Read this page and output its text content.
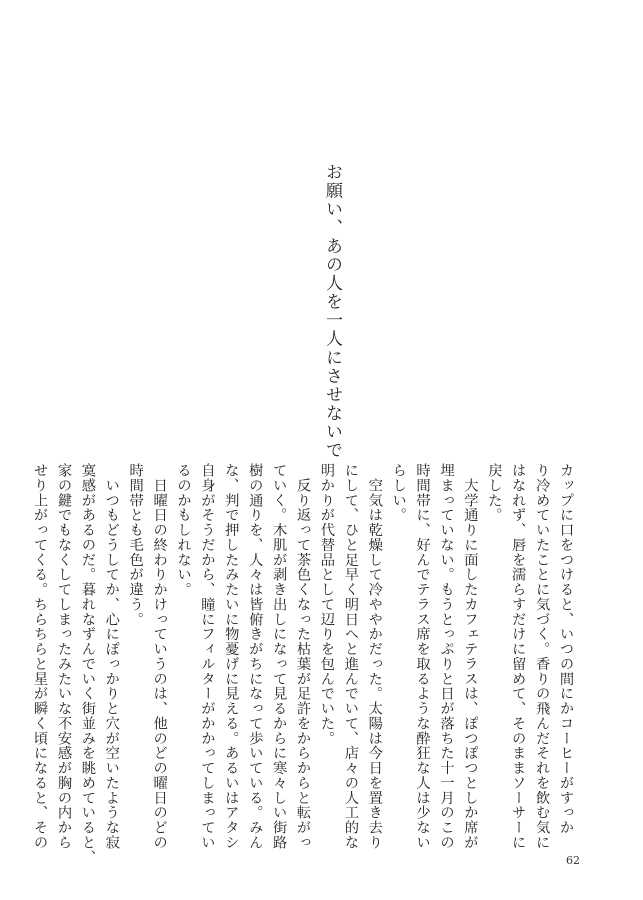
お願い、あの人を一人にさせないで

カップに口をつけると、いつの間にかコーヒーがすっか

り冷めていたことに気づく。香りの飛んだそれを飲む気に

はなれず、唇を濡らすだけに留めて、そのままソーサーに

戻した。

　大学通りに面したカフェテラスは、ぽつぽつとしか席が

埋まっていない。もうとっぷりと日が落ちた十一月のこの

時間帯に、好んでテラス席を取るような酔狂な人は少ない

らしい。

　空気は乾燥して冷ややかだった。太陽は今日を置き去り

にして、ひと足早く明日へと進んでいて、店々の人工的な

明かりが代替品として辺りを包んでいた。

　反り返って茶色くなった枯葉が足許をからからと転がっ

ていく。木肌が剥き出しになって見るからに寒々しい街路

樹の通りを、人々は皆俯きがちになって歩いている。みん

な、判で押したみたいに物憂げに見える。あるいはアタシ

自身がそうだから、瞳にフィルターがかかってしまってい

るのかもしれない。

　日曜日の終わりかけっていうのは、他のどの曜日のどの

時間帯とも毛色が違う。

　いつもどうしてか、心にぽっかりと穴が空いたような寂

寞感があるのだ。暮れなずんでいく街並みを眺めていると、

家の鍵でもなくしてしまったみたいな不安感が胸の内から

せり上がってくる。ちらちらと星が瞬く頃になると、その

62
